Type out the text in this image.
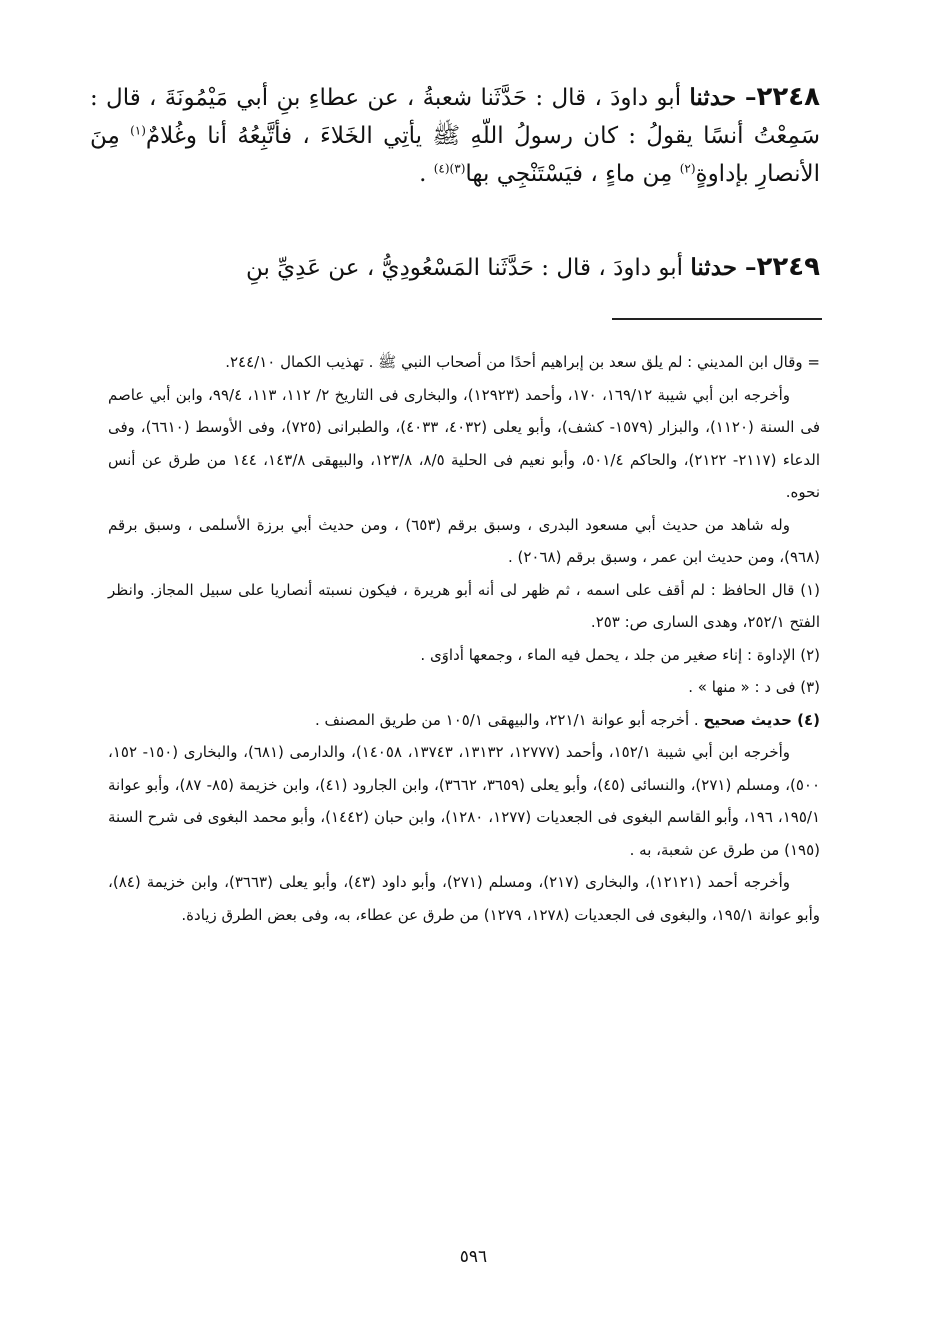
٢٢٤٨– حدثنا أبو داودَ ، قال : حَدَّثَنا شعبةُ ، عن عطاءِ بنِ أبي مَيْمُونَةَ ، قال : سَمِعْتُ أنسًا يقولُ : كان رسولُ اللّهِ ﷺ يأتِي الخَلاءَ ، فأتَّبِعُهُ أنا وغُلامٌ$^{(١)}$ مِنَ الأنصارِ بإداوةٍ$^{(٢)}$ مِن ماءٍ ، فيَسْتَنْجِي بها$^{(٣)(٤)}$ .
٢٢٤٩– حدثنا أبو داودَ ، قال : حَدَّثَنا المَسْعُودِيُّ ، عن عَدِيِّ بنِ

= وقال ابن المديني : لم يلق سعد بن إبراهيم أحدًا من أصحاب النبي ﷺ . تهذيب الكمال ٢٤٤/١٠.

وأخرجه ابن أبي شيبة ١٦٩/١٢، ١٧٠، وأحمد (١٢٩٢٣)، والبخارى فى التاريخ ٢/ ١١٢، ١١٣، ٩٩/٤، وابن أبي عاصم فى السنة (١١٢٠)، والبزار (١٥٧٩- كشف)، وأبو يعلى (٤٠٣٢، ٤٠٣٣)، والطبرانى (٧٢٥)، وفى الأوسط (٦٦١٠)، وفى الدعاء (٢١١٧- ٢١٢٢)، والحاكم ٥٠١/٤، وأبو نعيم فى الحلية ٨/٥، ١٢٣/٨، والبيهقى ١٤٣/٨، ١٤٤ من طرق عن أنس نحوه.

وله شاهد من حديث أبي مسعود البدرى ، وسبق برقم (٦٥٣) ، ومن حديث أبي برزة الأسلمى ، وسبق برقم (٩٦٨)، ومن حديث ابن عمر ، وسبق برقم (٢٠٦٨) .

(١) قال الحافظ : لم أقف على اسمه ، ثم ظهر لى أنه أبو هريرة ، فيكون نسبته أنصاريا على سبيل المجاز. وانظر الفتح ٢٥٢/١، وهدى السارى ص: ٢٥٣.

(٢) الإداوة : إناء صغير من جلد ، يحمل فيه الماء ، وجمعها أداوَى .

(٣) فى د : « منها » .

(٤) حديث صحيح . أخرجه أبو عوانة ٢٢١/١، والبيهقى ١٠٥/١ من طريق المصنف .

وأخرجه ابن أبي شيبة ١٥٢/١، وأحمد (١٢٧٧٧، ١٣١٣٢، ١٣٧٤٣، ١٤٠٥٨)، والدارمى (٦٨١)، والبخارى (١٥٠- ١٥٢، ٥٠٠)، ومسلم (٢٧١)، والنسائى (٤٥)، وأبو يعلى (٣٦٥٩، ٣٦٦٢)، وابن الجارود (٤١)، وابن خزيمة (٨٥- ٨٧)، وأبو عوانة ١٩٥/١، ١٩٦، وأبو القاسم البغوى فى الجعديات (١٢٧٧، ١٢٨٠)، وابن حبان (١٤٤٢)، وأبو محمد البغوى فى شرح السنة (١٩٥) من طرق عن شعبة، به .

وأخرجه أحمد (١٢١٢١)، والبخارى (٢١٧)، ومسلم (٢٧١)، وأبو داود (٤٣)، وأبو يعلى (٣٦٦٣)، وابن خزيمة (٨٤)، وأبو عوانة ١٩٥/١، والبغوى فى الجعديات (١٢٧٨، ١٢٧٩) من طرق عن عطاء، به، وفى بعض الطرق زيادة.

٥٩٦
